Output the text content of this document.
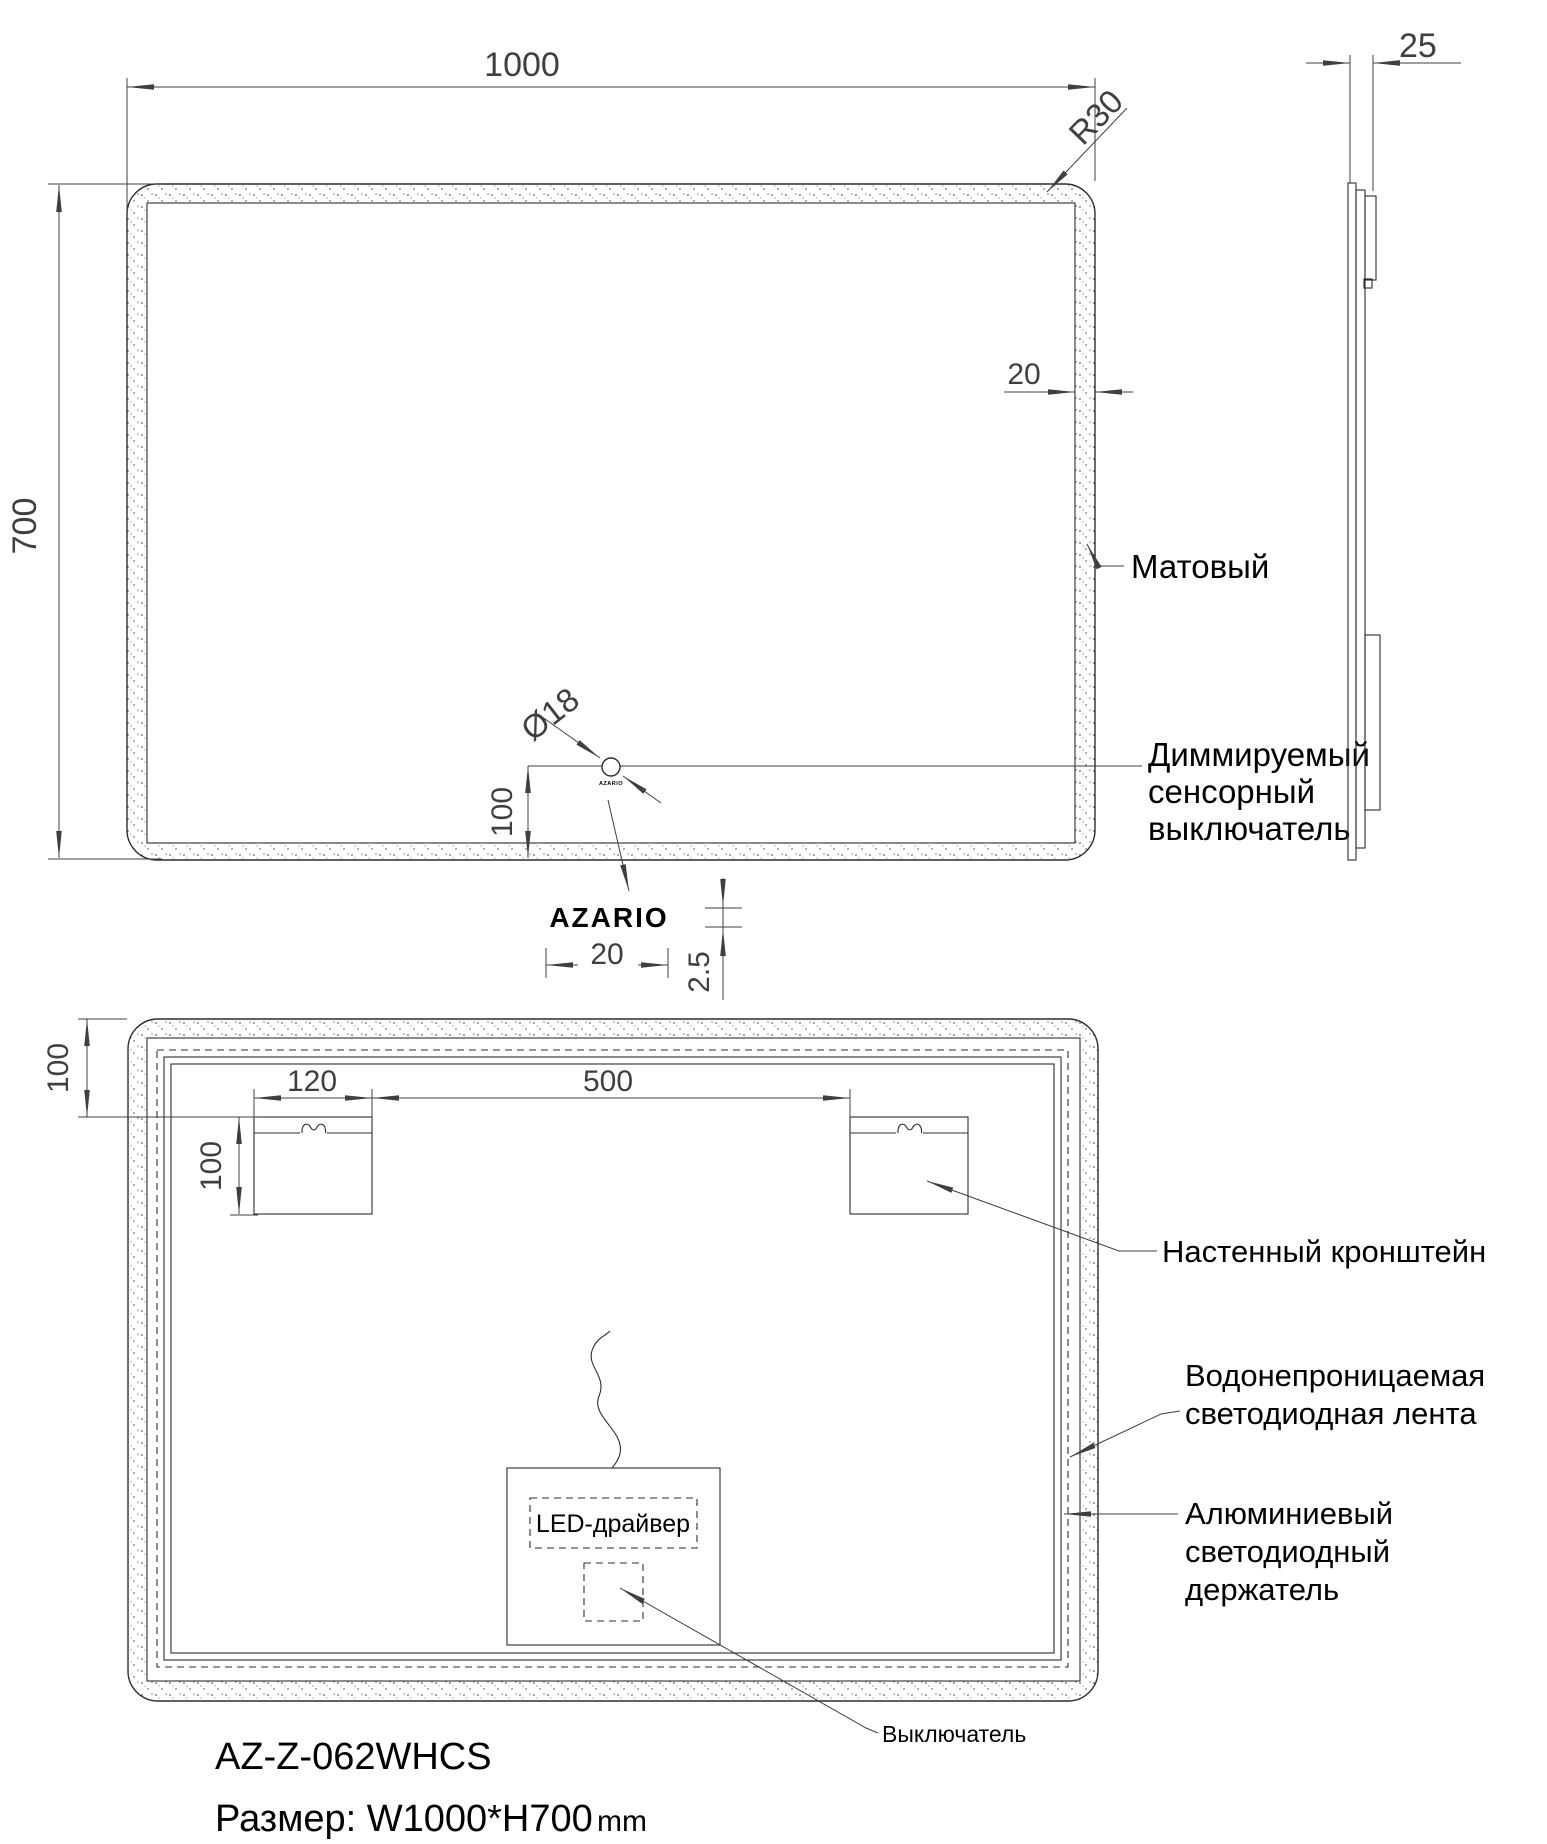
1000
700
20
R30
Матовый
AZARIO
Ø18
100
AZARIO
20 2.5
Диммируемый
сенсорный
выключатель
25
100	120	500
100
LED-драйвер
Настенный кронштейн
Водонепроницаемая
светодиодная лента
Алюминиевый
светодиодный
держатель
Выключатель
AZ-Z-062WHCS
Размер: W1000*H700 mm
